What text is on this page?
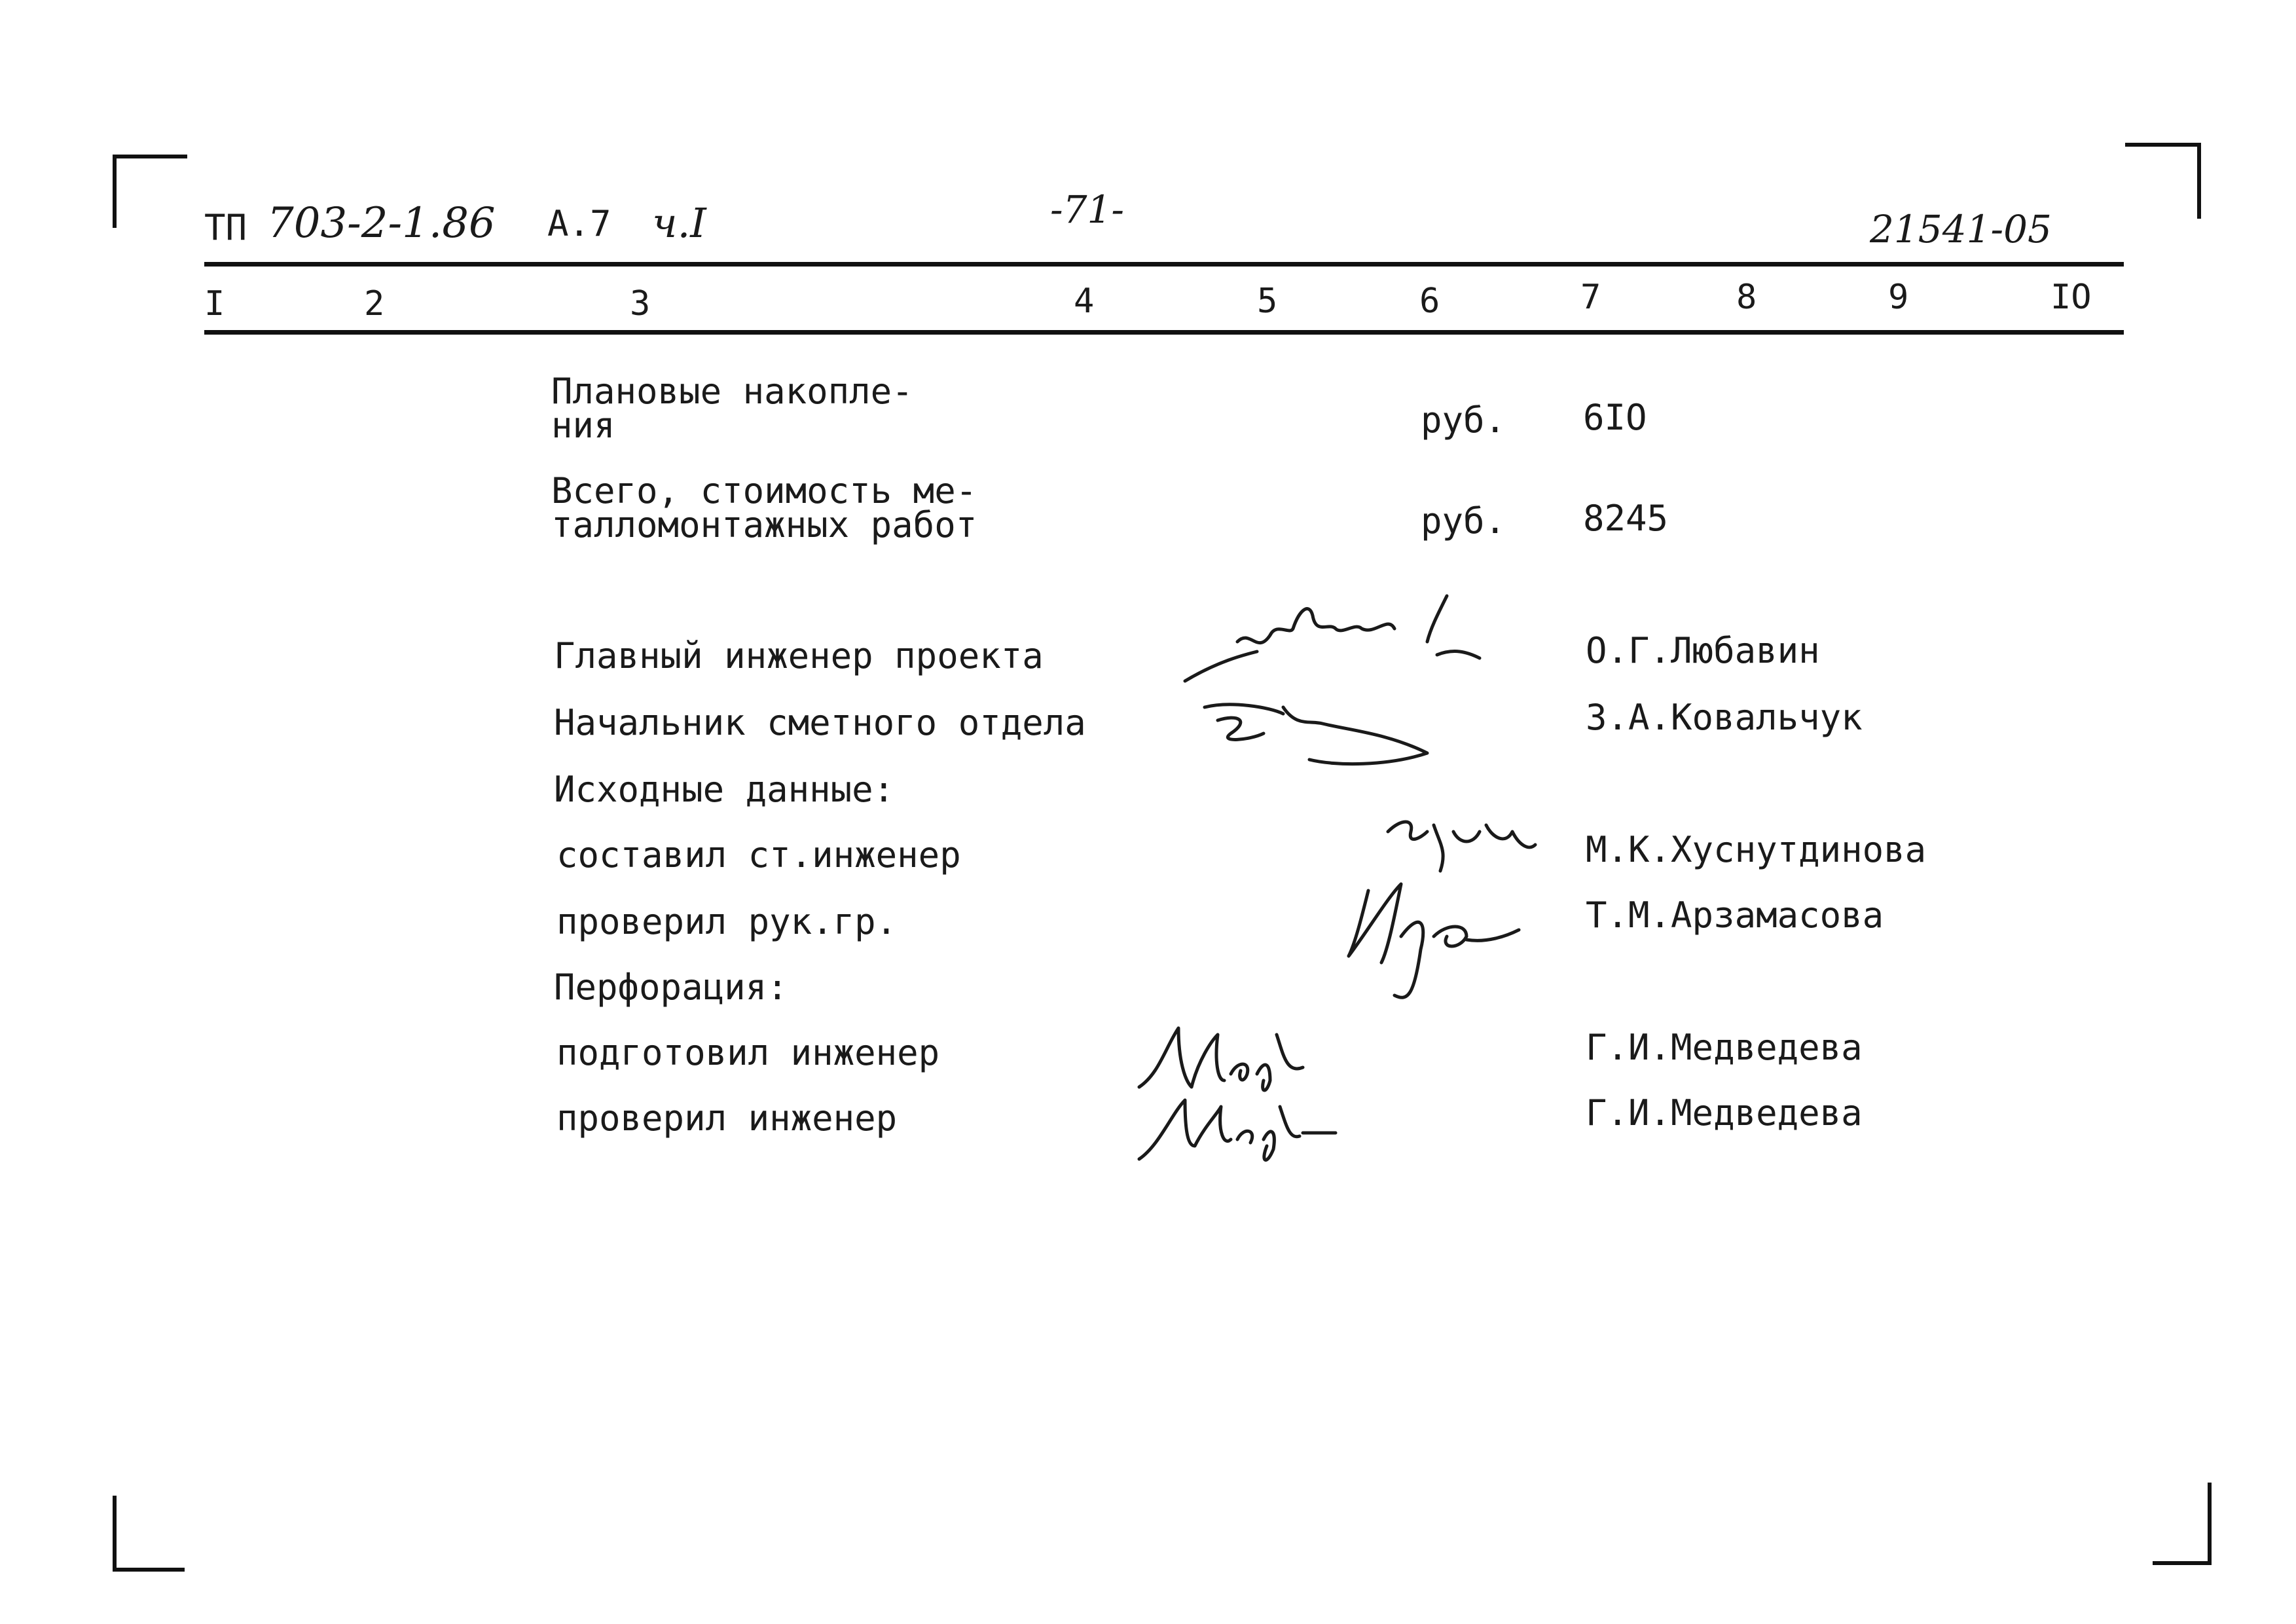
ТП 703-2-1.86 А.7 ч.I	-71-	21541-05
I	2	3	4	5	6	7	8	9	IO
Плановые накопле-
ния	руб. 6IO
Всего, стоимость ме-
талломонтажных работ	руб. 8245
Главный инженер проекта	О.Г.Любавин
Начальник сметного отдела	З.А.Ковальчук
Исходные данные:
составил ст.инженер	М.К.Хуснутдинова
проверил рук.гр.	Т.М.Арзамасова
Перфорация:
подготовил инженер	Г.И.Медведева
проверил инженер	Г.И.Медведева
